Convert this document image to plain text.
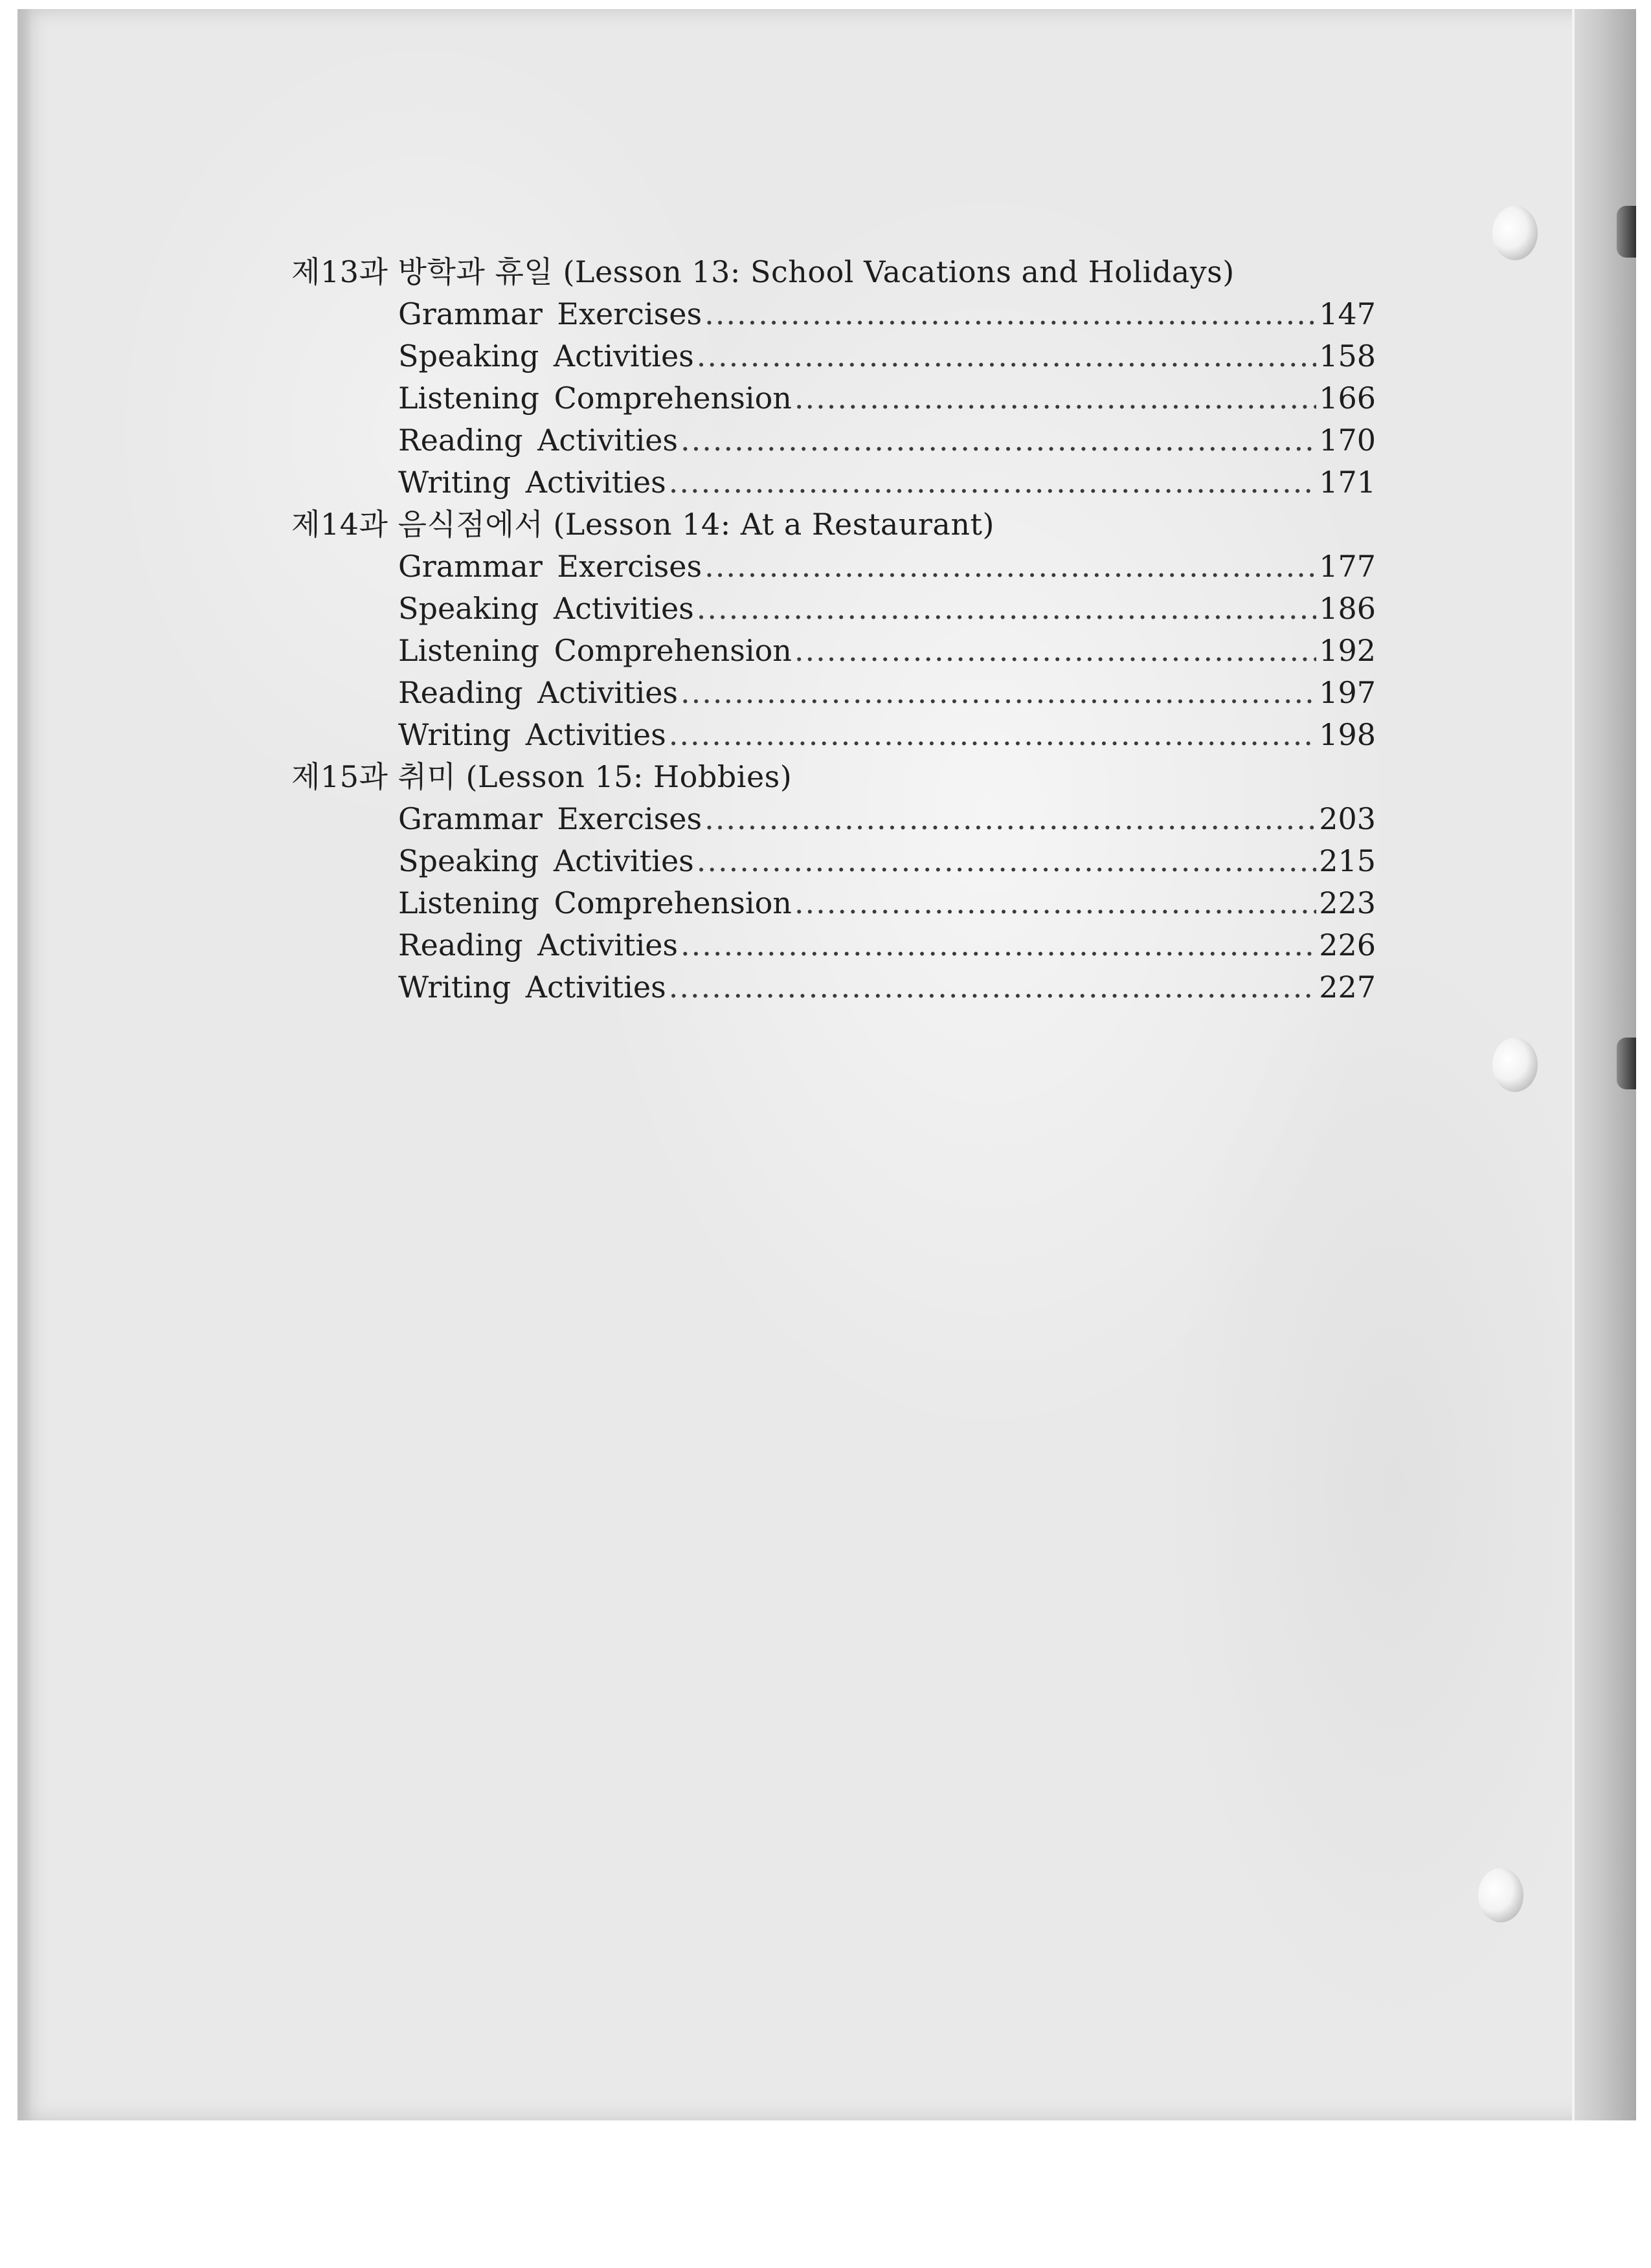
제13과 방학과 휴일 (Lesson 13: School Vacations and Holidays)
Grammar Exercises .....	147
Speaking Activities .....	158
Listening Comprehension .....	166
Reading Activities .....	170
Writing Activities .....	171
제14과 음식점에서 (Lesson 14: At a Restaurant)
Grammar Exercises .....	177
Speaking Activities .....	186
Listening Comprehension .....	192
Reading Activities .....	197
Writing Activities .....	198
제15과 취미 (Lesson 15: Hobbies)
Grammar Exercises .....	203
Speaking Activities .....	215
Listening Comprehension .....	223
Reading Activities .....	226
Writing Activities .....	227
